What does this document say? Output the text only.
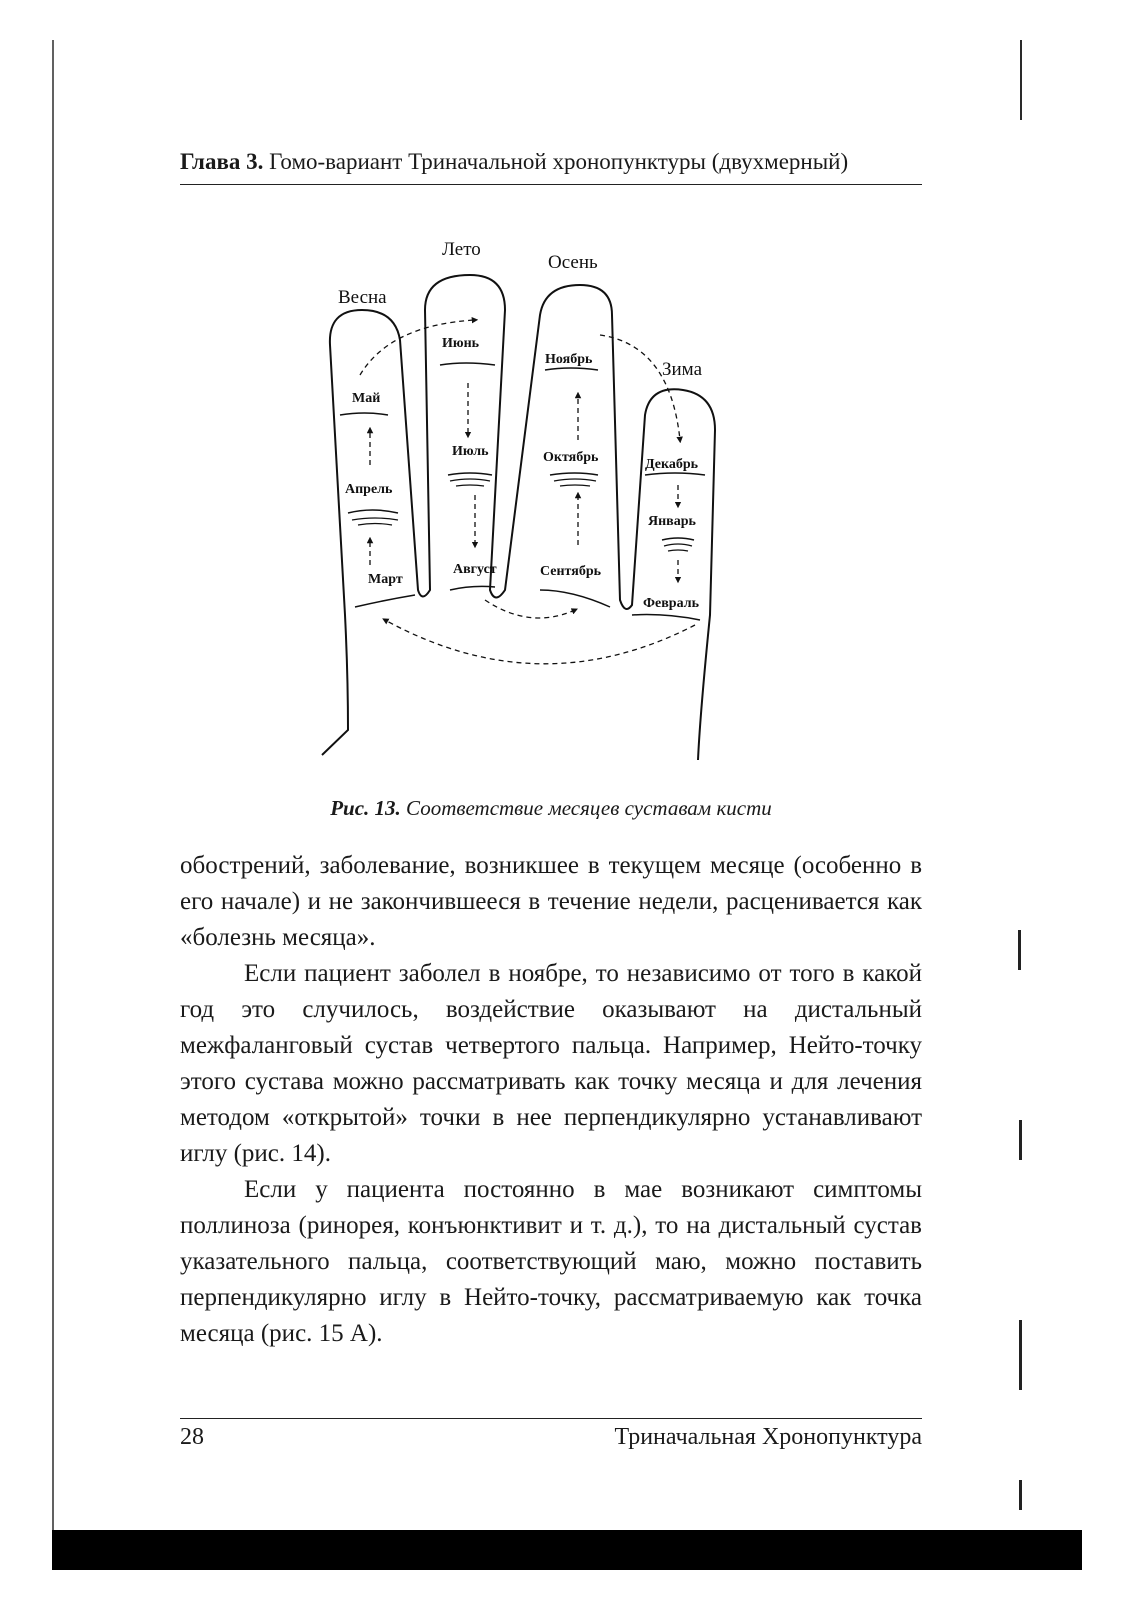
Глава 3. Гомо-вариант Триначальной хронопунктуры (двухмерный)
Весна
Лето
Осень
Зима
Май
Апрель
Март
Июнь
Июль
Август
Ноябрь
Октябрь
Сентябрь
Декабрь
Январь
Февраль
Рис. 13. Соответствие месяцев суставам кисти

обострений, заболевание, возникшее в текущем месяце (особенно в его начале) и не закончившееся в течение недели, расценивается как «болезнь месяца».

Если пациент заболел в ноябре, то независимо от того в какой год это случилось, воздействие оказывают на дистальный межфаланговый сустав четвертого пальца. Например, Нейто-точку этого сустава можно рассматривать как точку месяца и для лечения методом «открытой» точки в нее перпендикулярно устанавливают иглу (рис. 14).

Если у пациента постоянно в мае возникают симптомы поллиноза (ринорея, конъюнктивит и т. д.), то на дистальный сустав указательного пальца, соответствующий маю, можно поставить перпендикулярно иглу в Нейто-точку, рассматриваемую как точка месяца (рис. 15 А).

28	Триначальная Хронопунктура
